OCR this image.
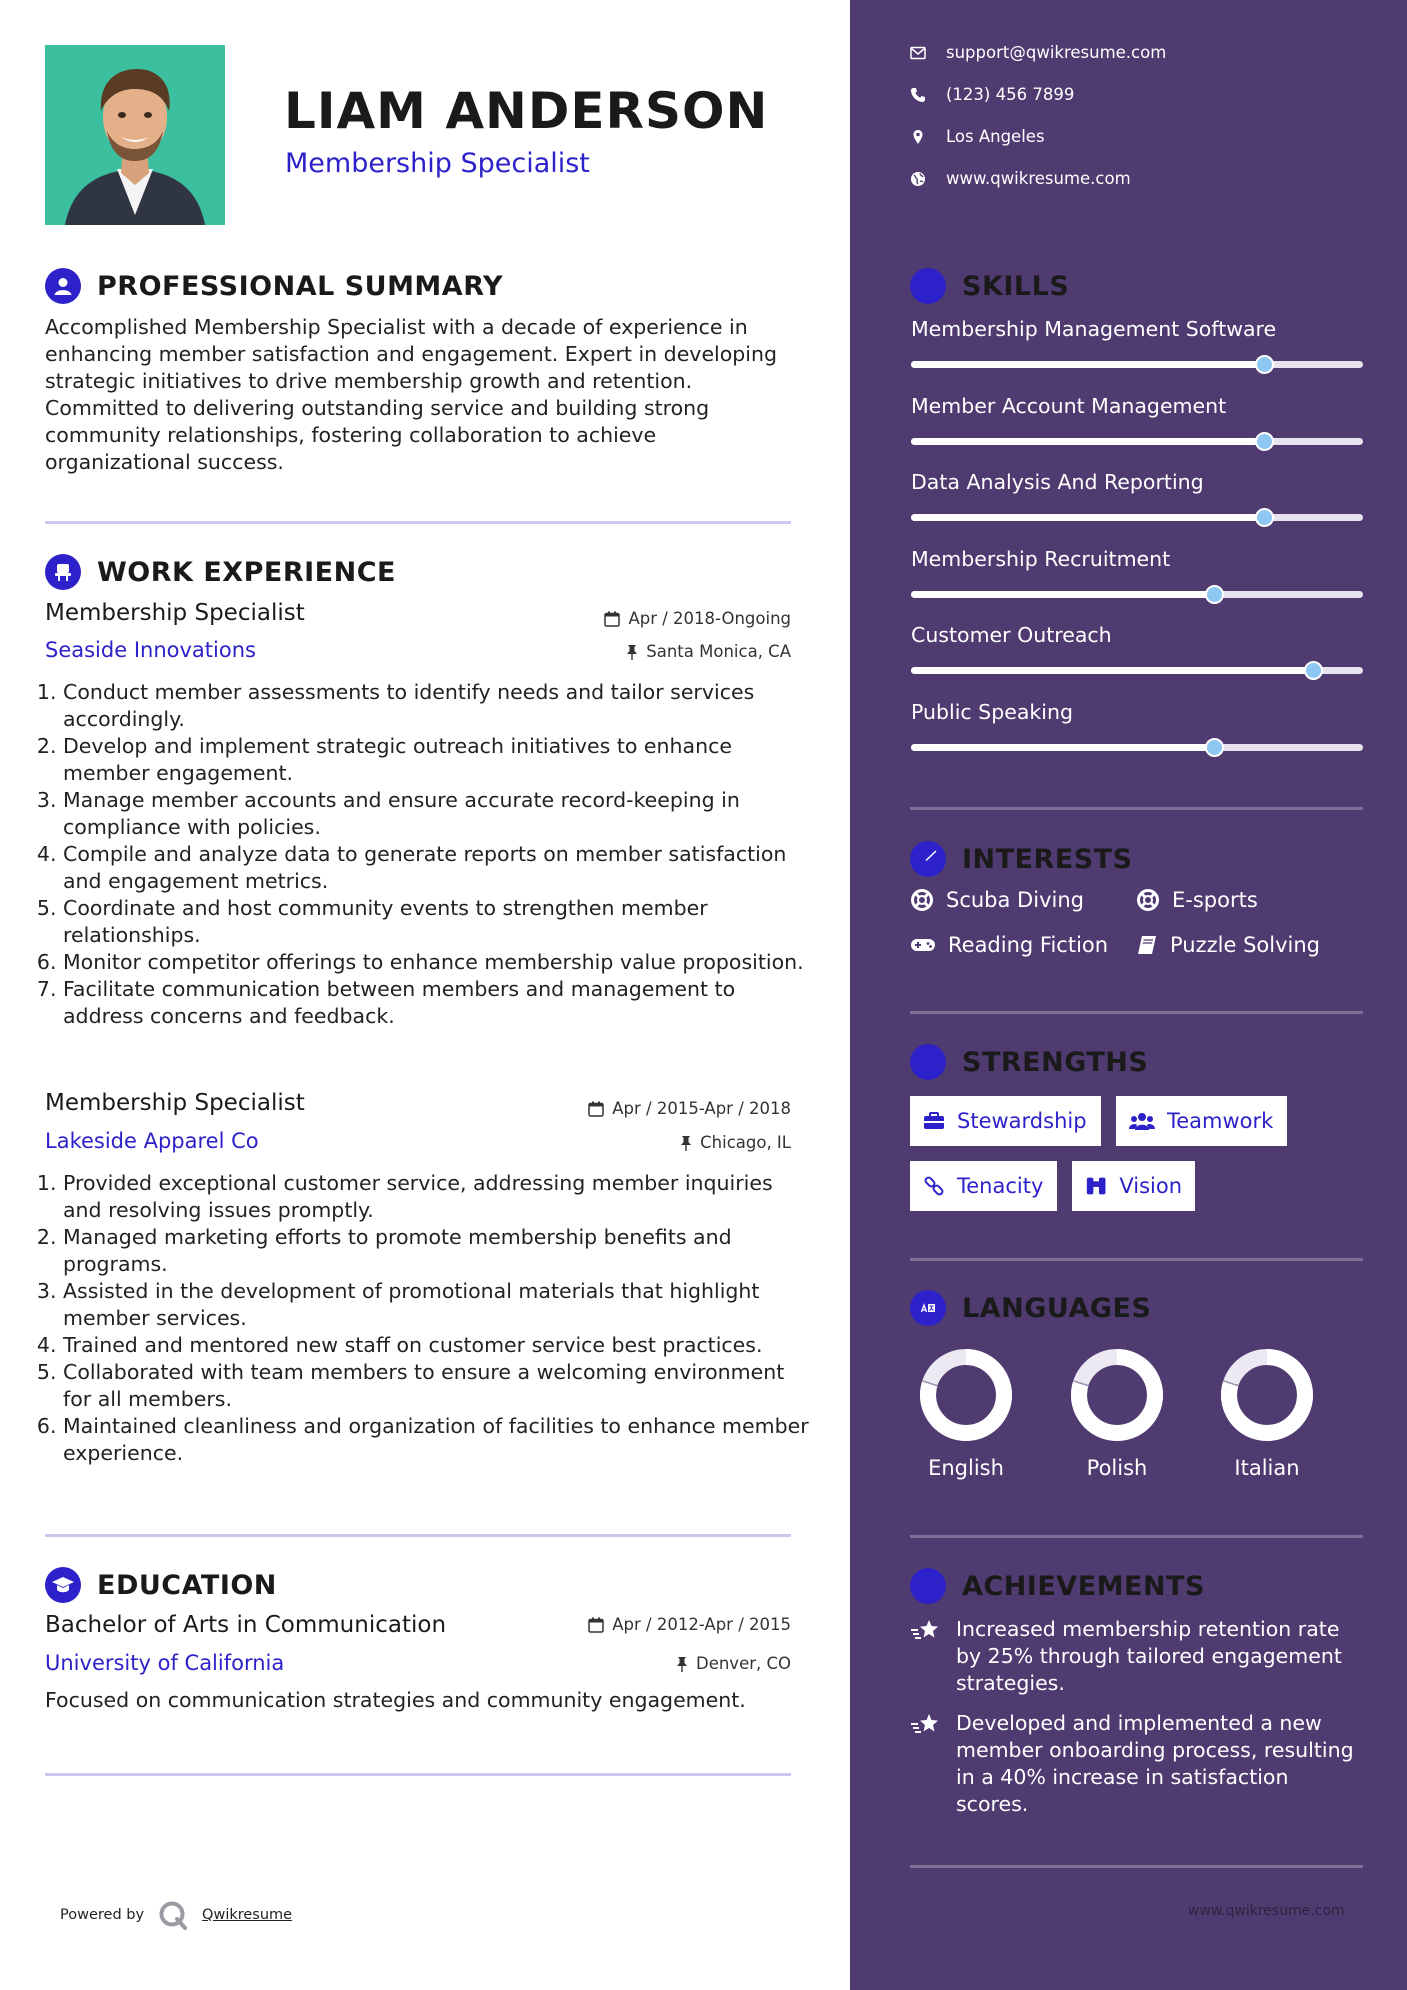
LIAM ANDERSON
Membership Specialist
PROFESSIONAL SUMMARY

Accomplished Membership Specialist with a decade of experience in enhancing member satisfaction and engagement. Expert in developing strategic initiatives to drive membership growth and retention. Committed to delivering outstanding service and building strong community relationships, fostering collaboration to achieve organizational success.

WORK EXPERIENCE
Membership Specialist	Apr / 2018-Ongoing
Seaside Innovations	Santa Monica, CA
1. Conduct member assessments to identify needs and tailor services accordingly.
2. Develop and implement strategic outreach initiatives to enhance member engagement.
3. Manage member accounts and ensure accurate record-keeping in compliance with policies.
4. Compile and analyze data to generate reports on member satisfaction and engagement metrics.
5. Coordinate and host community events to strengthen member relationships.
6. Monitor competitor offerings to enhance membership value proposition.
7. Facilitate communication between members and management to address concerns and feedback.
Membership Specialist	Apr / 2015-Apr / 2018
Lakeside Apparel Co	Chicago, IL
1. Provided exceptional customer service, addressing member inquiries and resolving issues promptly.
2. Managed marketing efforts to promote membership benefits and programs.
3. Assisted in the development of promotional materials that highlight member services.
4. Trained and mentored new staff on customer service best practices.
5. Collaborated with team members to ensure a welcoming environment for all members.
6. Maintained cleanliness and organization of facilities to enhance member experience.
EDUCATION
Bachelor of Arts in Communication	Apr / 2012-Apr / 2015
University of California	Denver, CO
Focused on communication strategies and community engagement.
Powered by	Qwikresume
support@qwikresume.com
(123) 456 7899
Los Angeles
www.qwikresume.com
SKILLS
Membership Management Software
Member Account Management
Data Analysis And Reporting
Membership Recruitment
Customer Outreach
Public Speaking
INTERESTS
Scuba Diving	E-sports
Reading Fiction	Puzzle Solving
STRENGTHS
Stewardship	Teamwork
Tenacity	Vision
LANGUAGES
English	Polish	Italian
ACHIEVEMENTS
Increased membership retention rate by 25% through tailored engagement strategies.
Developed and implemented a new member onboarding process, resulting in a 40% increase in satisfaction scores.
www.qwikresume.com
